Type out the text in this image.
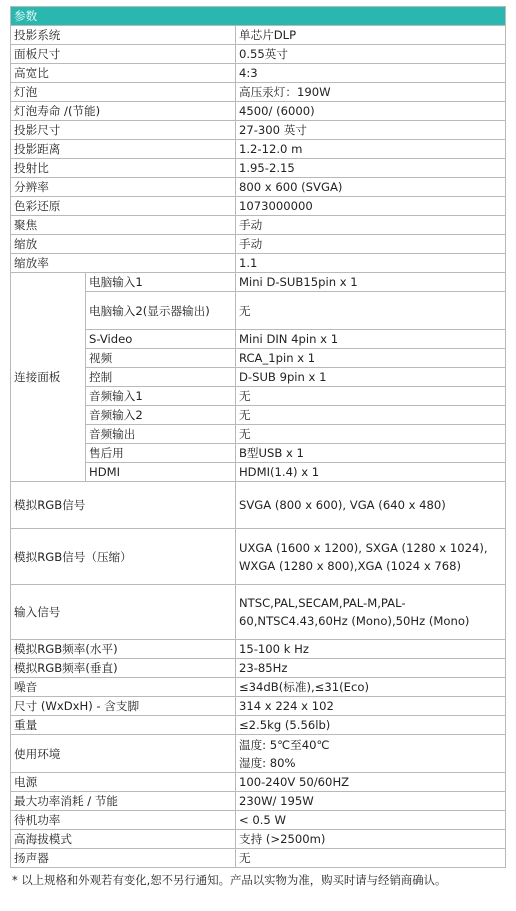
参数		
投影系统		单芯片DLP
面板尺寸		0.55英寸
高宽比		4:3
灯泡		高压汞灯：190W
灯泡寿命 /(节能)		4500/ (6000)
投影尺寸		27-300 英寸
投影距离		1.2-12.0 m
投射比		1.95-2.15
分辨率		800 x 600 (SVGA)
色彩还原		1073000000
聚焦		手动
缩放		手动
缩放率		1.1
连接面板	电脑输入1	Mini D-SUB15pin x 1
	电脑输入2(显示器输出)	无
	S-Video	Mini DIN 4pin x 1
	视频	RCA_1pin x 1
	控制	D-SUB 9pin x 1
	音频输入1	无
	音频输入2	无
	音频输出	无
	售后用	B型USB x 1
	HDMI	HDMI(1.4) x 1
模拟RGB信号		SVGA (800 x 600), VGA (640 x 480)
模拟RGB信号（压缩）		UXGA (1600 x 1200), SXGA (1280 x 1024), WXGA (1280 x 800),XGA (1024 x 768)
输入信号		NTSC,PAL,SECAM,PAL-M,PAL-60,NTSC4.43,60Hz (Mono),50Hz (Mono)
模拟RGB频率(水平)		15-100 k Hz
模拟RGB频率(垂直)		23-85Hz
噪音		≤34dB(标准),≤31(Eco)
尺寸 (WxDxH) - 含支脚		314 x 224 x 102
重量		≤2.5kg (5.56lb)
使用环境		温度: 5℃至40℃
湿度: 80%

电源		100-240V 50/60HZ
最大功率消耗 / 节能		230W/ 195W
待机功率		< 0.5 W
高海拔模式		支持 (>2500m)
扬声器		无
* 以上规格和外观若有变化,恕不另行通知。产品以实物为准，购买时请与经销商确认。
